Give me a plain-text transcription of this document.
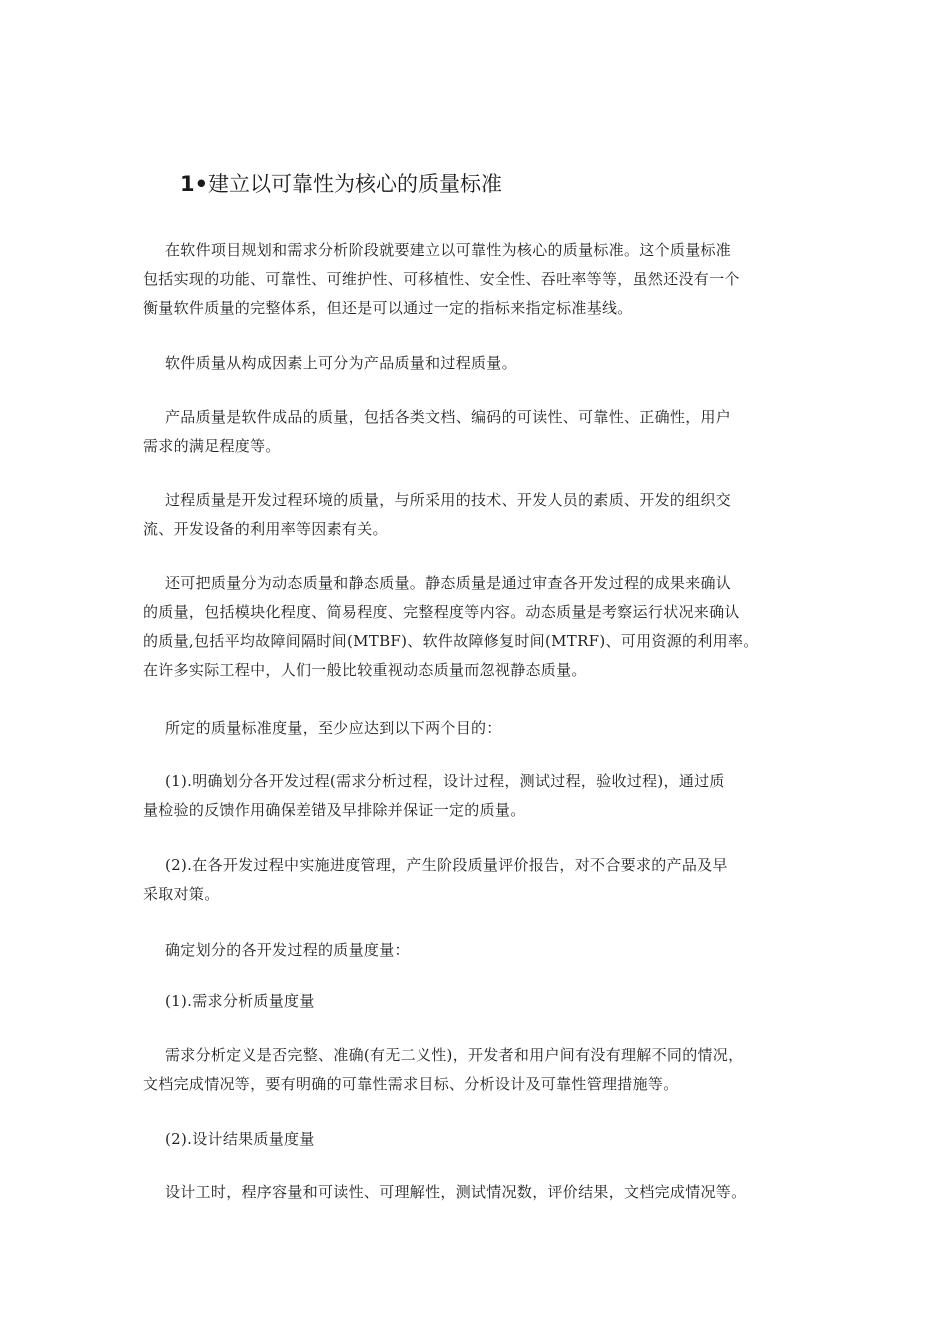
1•建立以可靠性为核心的质量标准
在软件项目规划和需求分析阶段就要建立以可靠性为核心的质量标准。这个质量标准
包括实现的功能、可靠性、可维护性、可移植性、安全性、吞吐率等等，虽然还没有一个
衡量软件质量的完整体系，但还是可以通过一定的指标来指定标准基线。
软件质量从构成因素上可分为产品质量和过程质量。
产品质量是软件成品的质量，包括各类文档、编码的可读性、可靠性、正确性，用户
需求的满足程度等。
过程质量是开发过程环境的质量，与所采用的技术、开发人员的素质、开发的组织交
流、开发设备的利用率等因素有关。
还可把质量分为动态质量和静态质量。静态质量是通过审查各开发过程的成果来确认
的质量，包括模块化程度、简易程度、完整程度等内容。动态质量是考察运行状况来确认
的质量,包括平均故障间隔时间(MTBF)、软件故障修复时间(MTRF)、可用资源的利用率。
在许多实际工程中，人们一般比较重视动态质量而忽视静态质量。
所定的质量标准度量，至少应达到以下两个目的：
(1).明确划分各开发过程(需求分析过程，设计过程，测试过程，验收过程)，通过质
量检验的反馈作用确保差错及早排除并保证一定的质量。
(2).在各开发过程中实施进度管理，产生阶段质量评价报告，对不合要求的产品及早
采取对策。
确定划分的各开发过程的质量度量：
(1).需求分析质量度量
需求分析定义是否完整、准确(有无二义性)，开发者和用户间有没有理解不同的情况，
文档完成情况等，要有明确的可靠性需求目标、分析设计及可靠性管理措施等。
(2).设计结果质量度量
设计工时，程序容量和可读性、可理解性，测试情况数，评价结果，文档完成情况等。
